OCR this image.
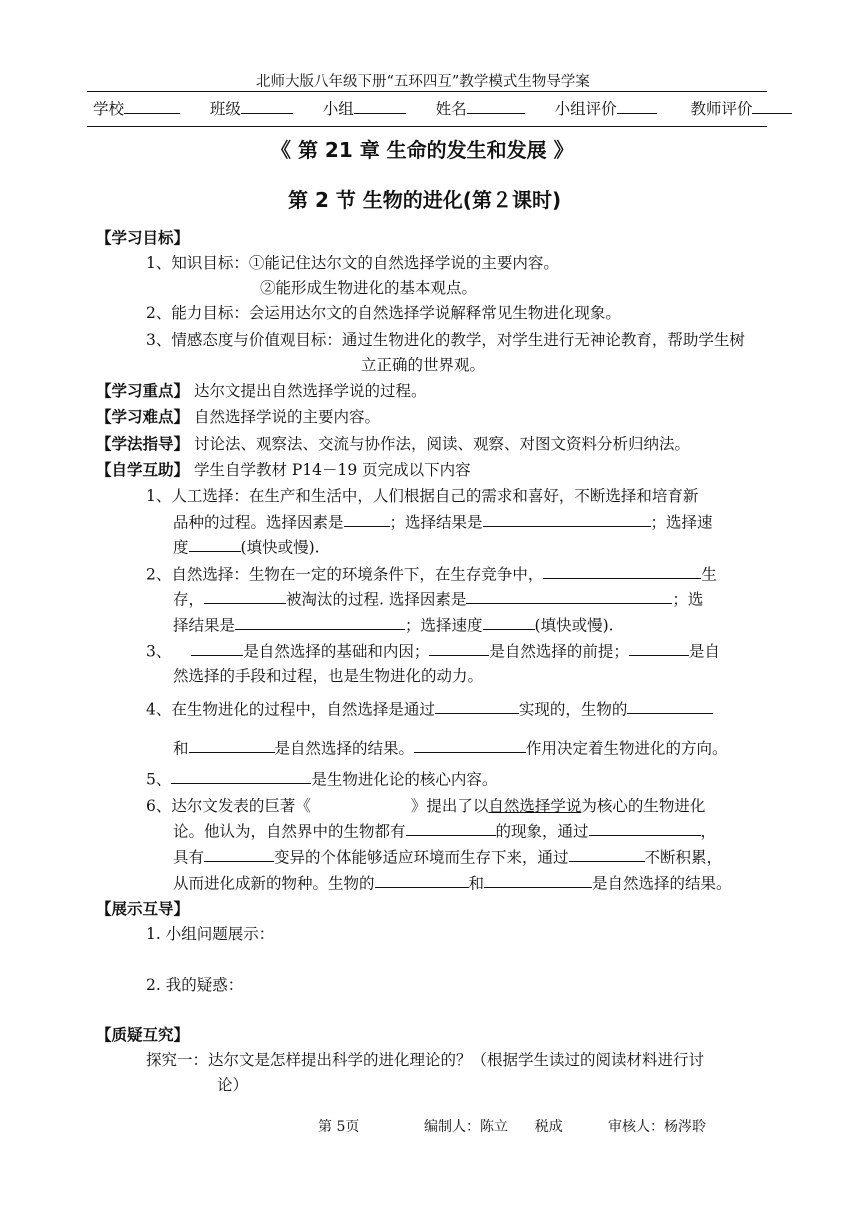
北师大版八年级下册“五环四互”教学模式生物导学案
学校	班级	小组	姓名	小组评价	教师评价
《 第 21 章 生命的发生和发展 》
第 2 节 生物的进化(第２课时)
【学习目标】
1、知识目标：①能记住达尔文的自然选择学说的主要内容。
②能形成生物进化的基本观点。
2、能力目标：会运用达尔文的自然选择学说解释常见生物进化现象。
3、情感态度与价值观目标：通过生物进化的教学，对学生进行无神论教育，帮助学生树
立正确的世界观。
【学习重点】 达尔文提出自然选择学说的过程。
【学习难点】 自然选择学说的主要内容。
【学法指导】 讨论法、观察法、交流与协作法，阅读、观察、对图文资料分析归纳法。
【自学互助】 学生自学教材 P14－19 页完成以下内容
1、人工选择：在生产和生活中，人们根据自己的需求和喜好，不断选择和培育新
品种的过程。选择因素是	；选择结果是	；选择速
度	(填快或慢).
2、自然选择：生物在一定的环境条件下，在生存竞争中，	生
存，	被淘汰的过程. 选择因素是	；选
择结果是	；选择速度	(填快或慢).
3、	是自然选择的基础和内因；	是自然选择的前提；	是自
然选择的手段和过程，也是生物进化的动力。
4、在生物进化的过程中，自然选择是通过	实现的，生物的
和	是自然选择的结果。	作用决定着生物进化的方向。
5、	是生物进化论的核心内容。
6、达尔文发表的巨著《	》提出了以自然选择学说为核心的生物进化
论。他认为，自然界中的生物都有	的现象，通过	，
具有	变异的个体能够适应环境而生存下来，通过	不断积累，
从而进化成新的物种。生物的	和	是自然选择的结果。
【展示互导】
1. 小组问题展示：
2. 我的疑惑：
【质疑互究】
探究一：达尔文是怎样提出科学的进化理论的？（根据学生读过的阅读材料进行讨
论）
第 5页	编制人：陈立      税成	审核人：杨涔聆
